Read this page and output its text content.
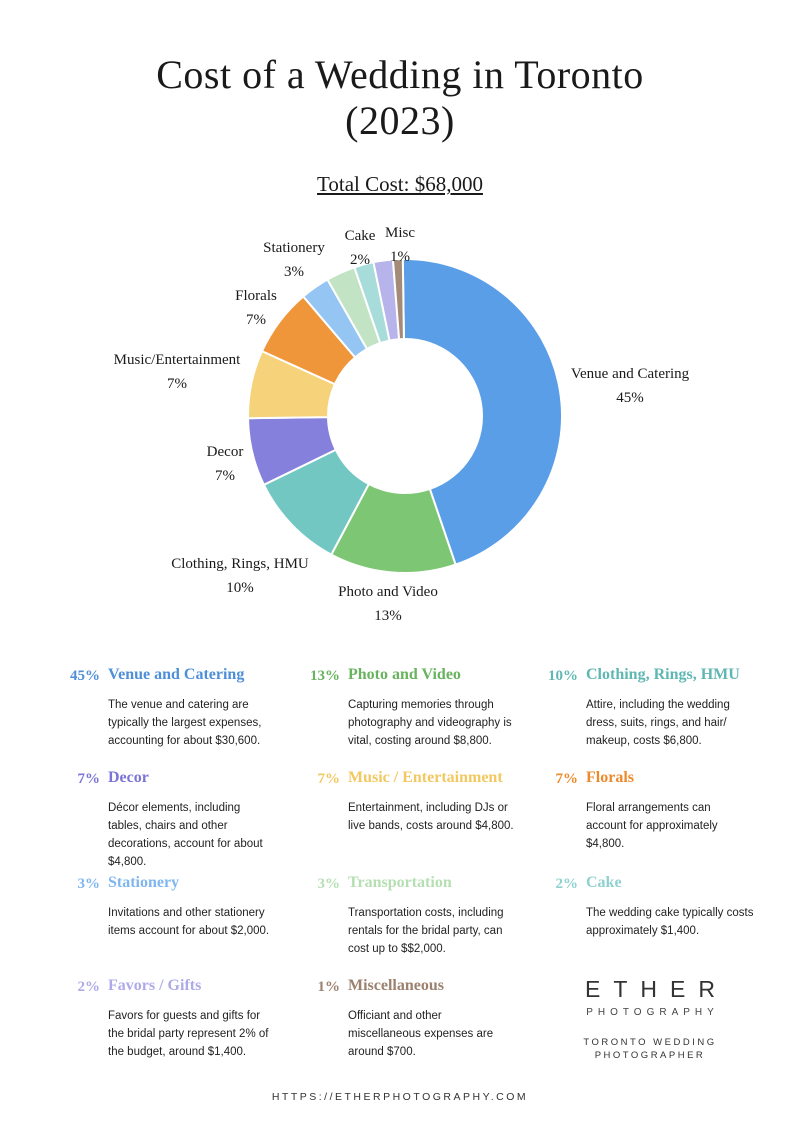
Cost of a Wedding in Toronto
(2023)
Total Cost: $68,000
Venue and Catering
45%
Photo and Video
13%
Clothing, Rings, HMU
10%
Decor
7%
Music/Entertainment
7%
Florals
7%
Stationery
3%
Cake
2%
Misc
1%
45% Venue and Catering
The venue and catering are typically the largest expenses, accounting for about $30,600.
13% Photo and Video
Capturing memories through photography and videography is vital, costing around $8,800.
10% Clothing, Rings, HMU
Attire, including the wedding dress, suits, rings, and hair/ makeup, costs $6,800.
7% Decor
Décor elements, including tables, chairs and other decorations, account for about $4,800.
7% Music / Entertainment
Entertainment, including DJs or live bands, costs around $4,800.
7% Florals
Floral arrangements can account for approximately $4,800.
3% Stationery
Invitations and other stationery items account for about $2,000.
3% Transportation
Transportation costs, including rentals for the bridal party, can cost up to $$2,000.
2% Cake
The wedding cake typically costs approximately $1,400.
2% Favors / Gifts
Favors for guests and gifts for the bridal party represent 2% of the budget, around $1,400.
1% Miscellaneous
Officiant and other miscellaneous expenses are around $700.
ETHER
PHOTOGRAPHY
TORONTO WEDDING
PHOTOGRAPHER
HTTPS://ETHERPHOTOGRAPHY.COM
